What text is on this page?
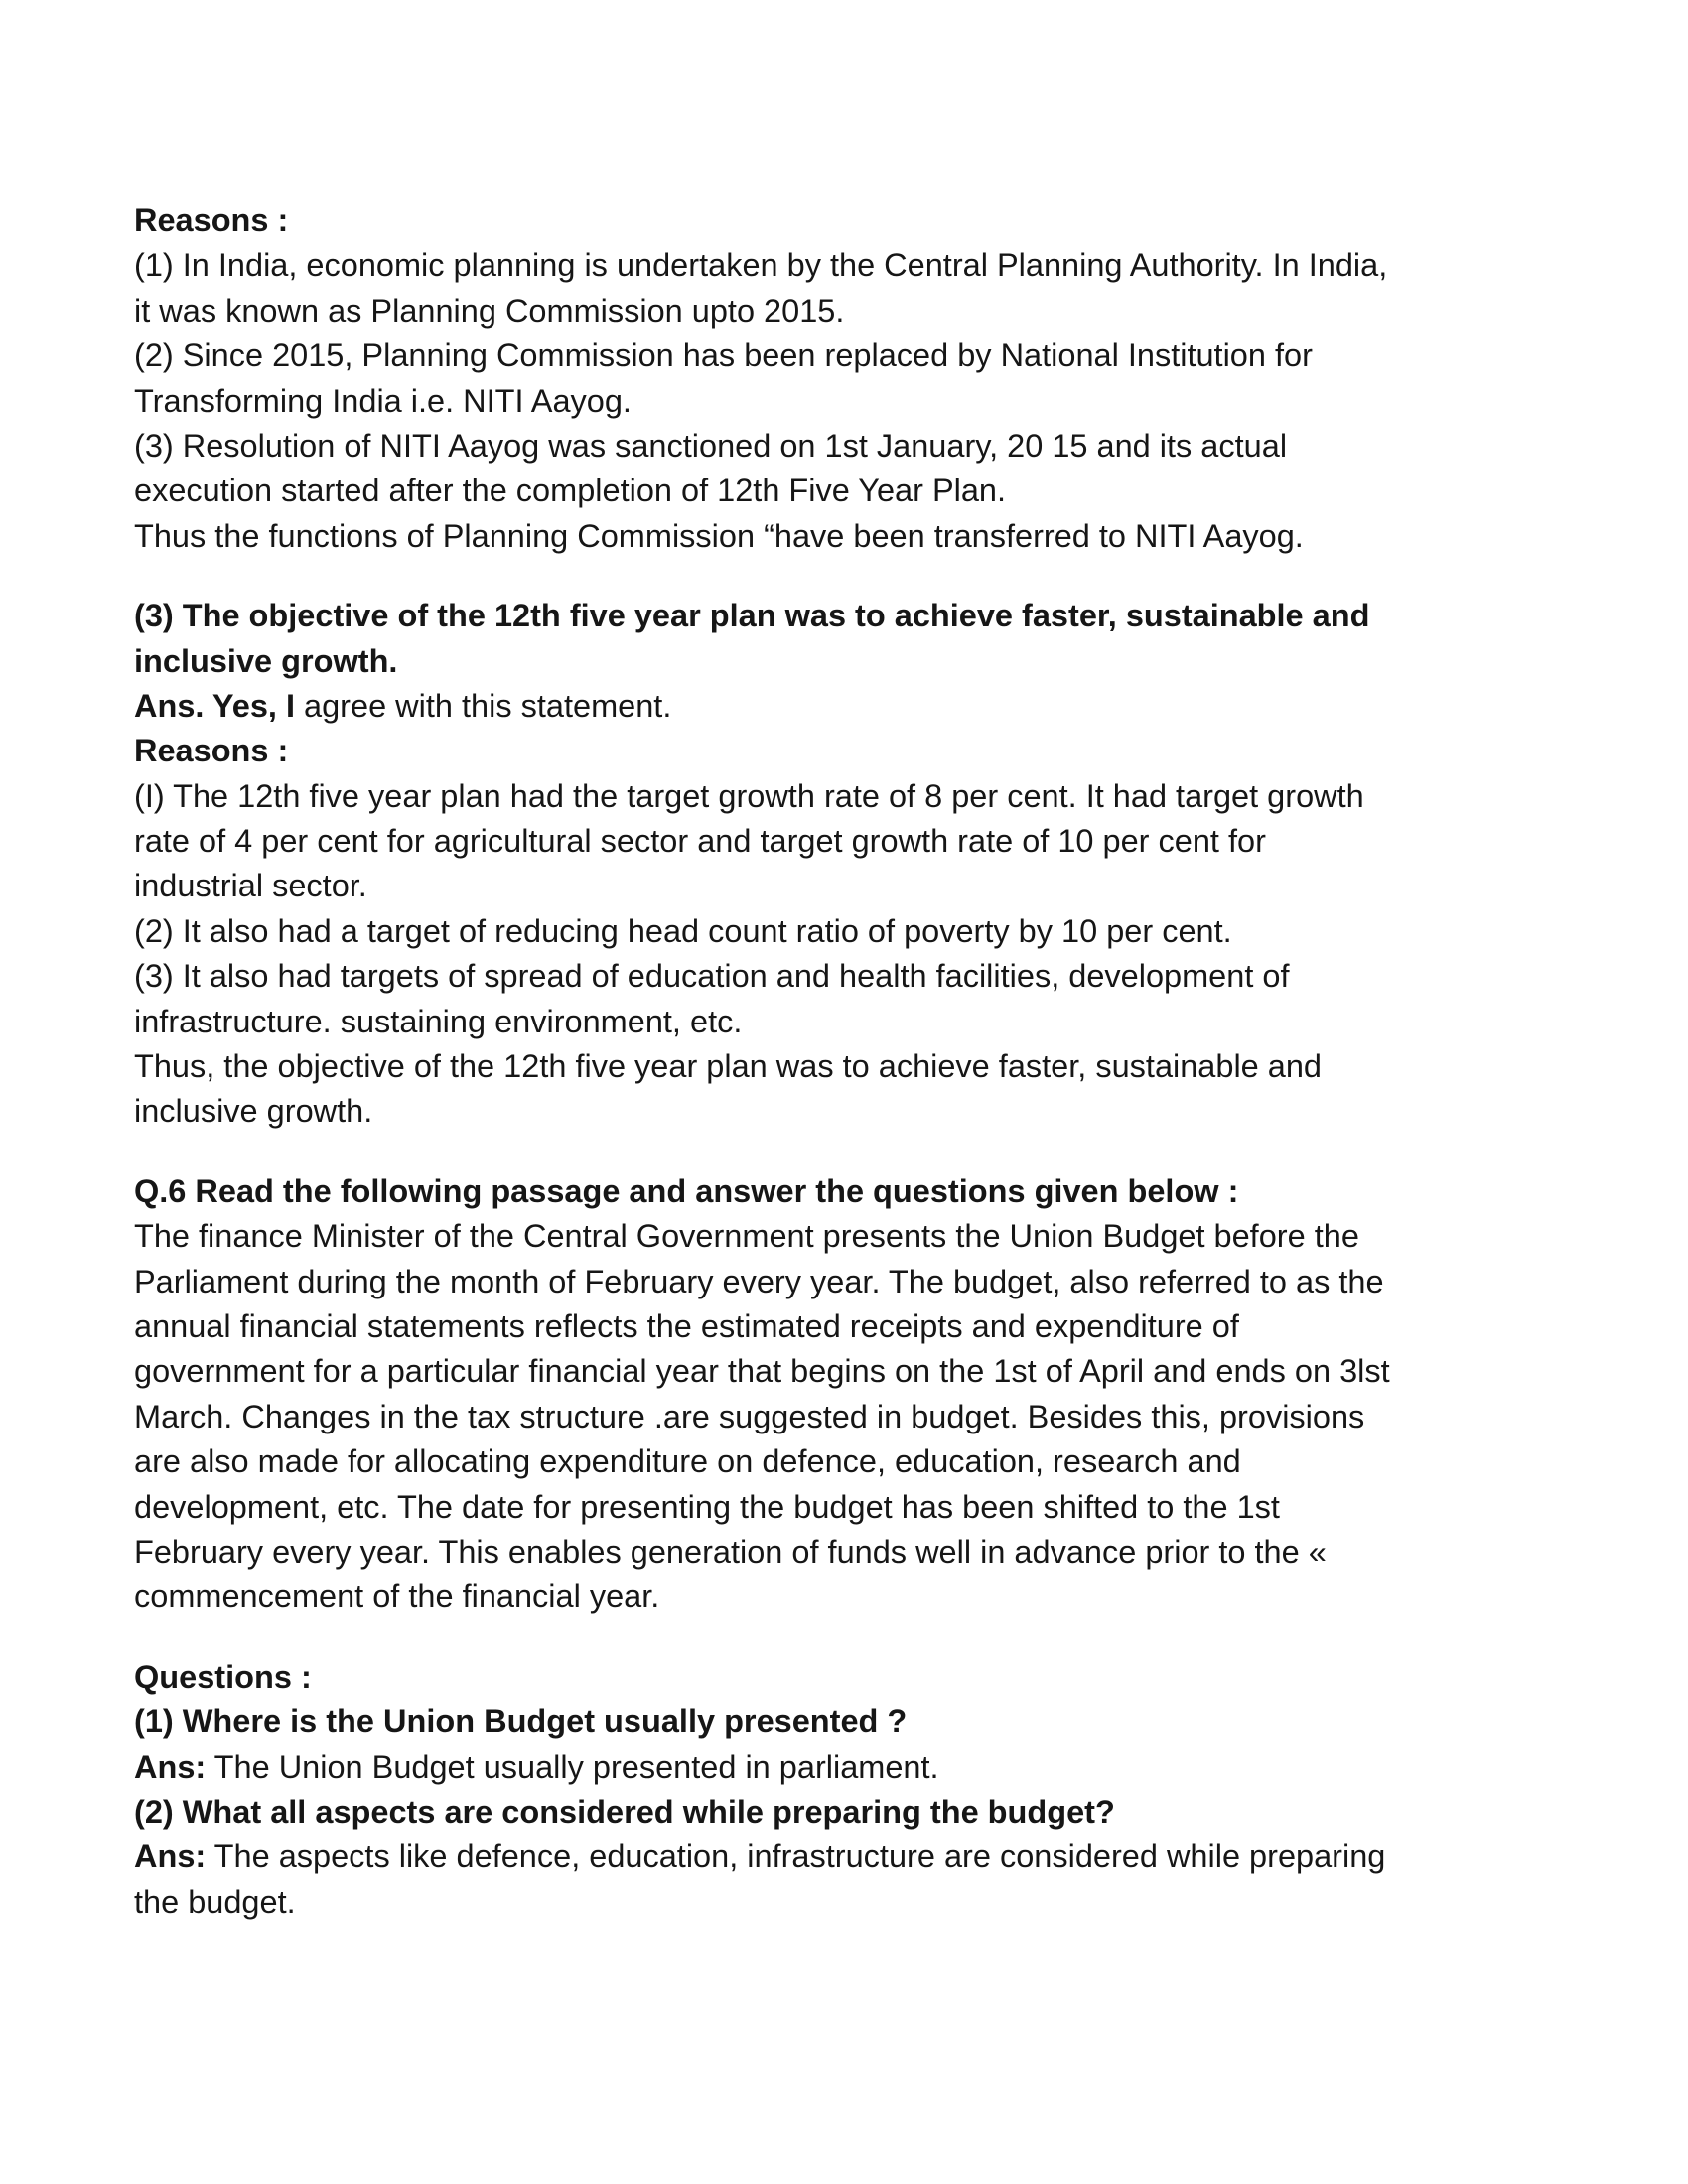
Reasons :
(1) In India, economic planning is undertaken by the Central Planning Authority. In India,
it was known as Planning Commission upto 2015.
(2) Since 2015, Planning Commission has been replaced by National Institution for
Transforming India i.e. NITI Aayog.
(3) Resolution of NITI Aayog was sanctioned on 1st January, 20 15 and its actual
execution started after the completion of 12th Five Year Plan.
Thus the functions of Planning Commission “have been transferred to NITI Aayog.
(3) The objective of the 12th five year plan was to achieve faster, sustainable and
inclusive growth.
Ans. Yes, I agree with this statement.
Reasons :
(I) The 12th five year plan had the target growth rate of 8 per cent. It had target growth
rate of 4 per cent for agricultural sector and target growth rate of 10 per cent for
industrial sector.
(2) It also had a target of reducing head count ratio of poverty by 10 per cent.
(3) It also had targets of spread of education and health facilities, development of
infrastructure. sustaining environment, etc.
Thus, the objective of the 12th five year plan was to achieve faster, sustainable and
inclusive growth.
Q.6 Read the following passage and answer the questions given below :
The finance Minister of the Central Government presents the Union Budget before the
Parliament during the month of February every year. The budget, also referred to as the
annual financial statements reflects the estimated receipts and expenditure of
government for a particular financial year that begins on the 1st of April and ends on 3lst
March. Changes in the tax structure .are suggested in budget. Besides this, provisions
are also made for allocating expenditure on defence, education, research and
development, etc. The date for presenting the budget has been shifted to the 1st
February every year. This enables generation of funds well in advance prior to the «
commencement of the financial year.
Questions :
(1) Where is the Union Budget usually presented ?
Ans: The Union Budget usually presented in parliament.
(2) What all aspects are considered while preparing the budget?
Ans: The aspects like defence, education, infrastructure are considered while preparing
the budget.
